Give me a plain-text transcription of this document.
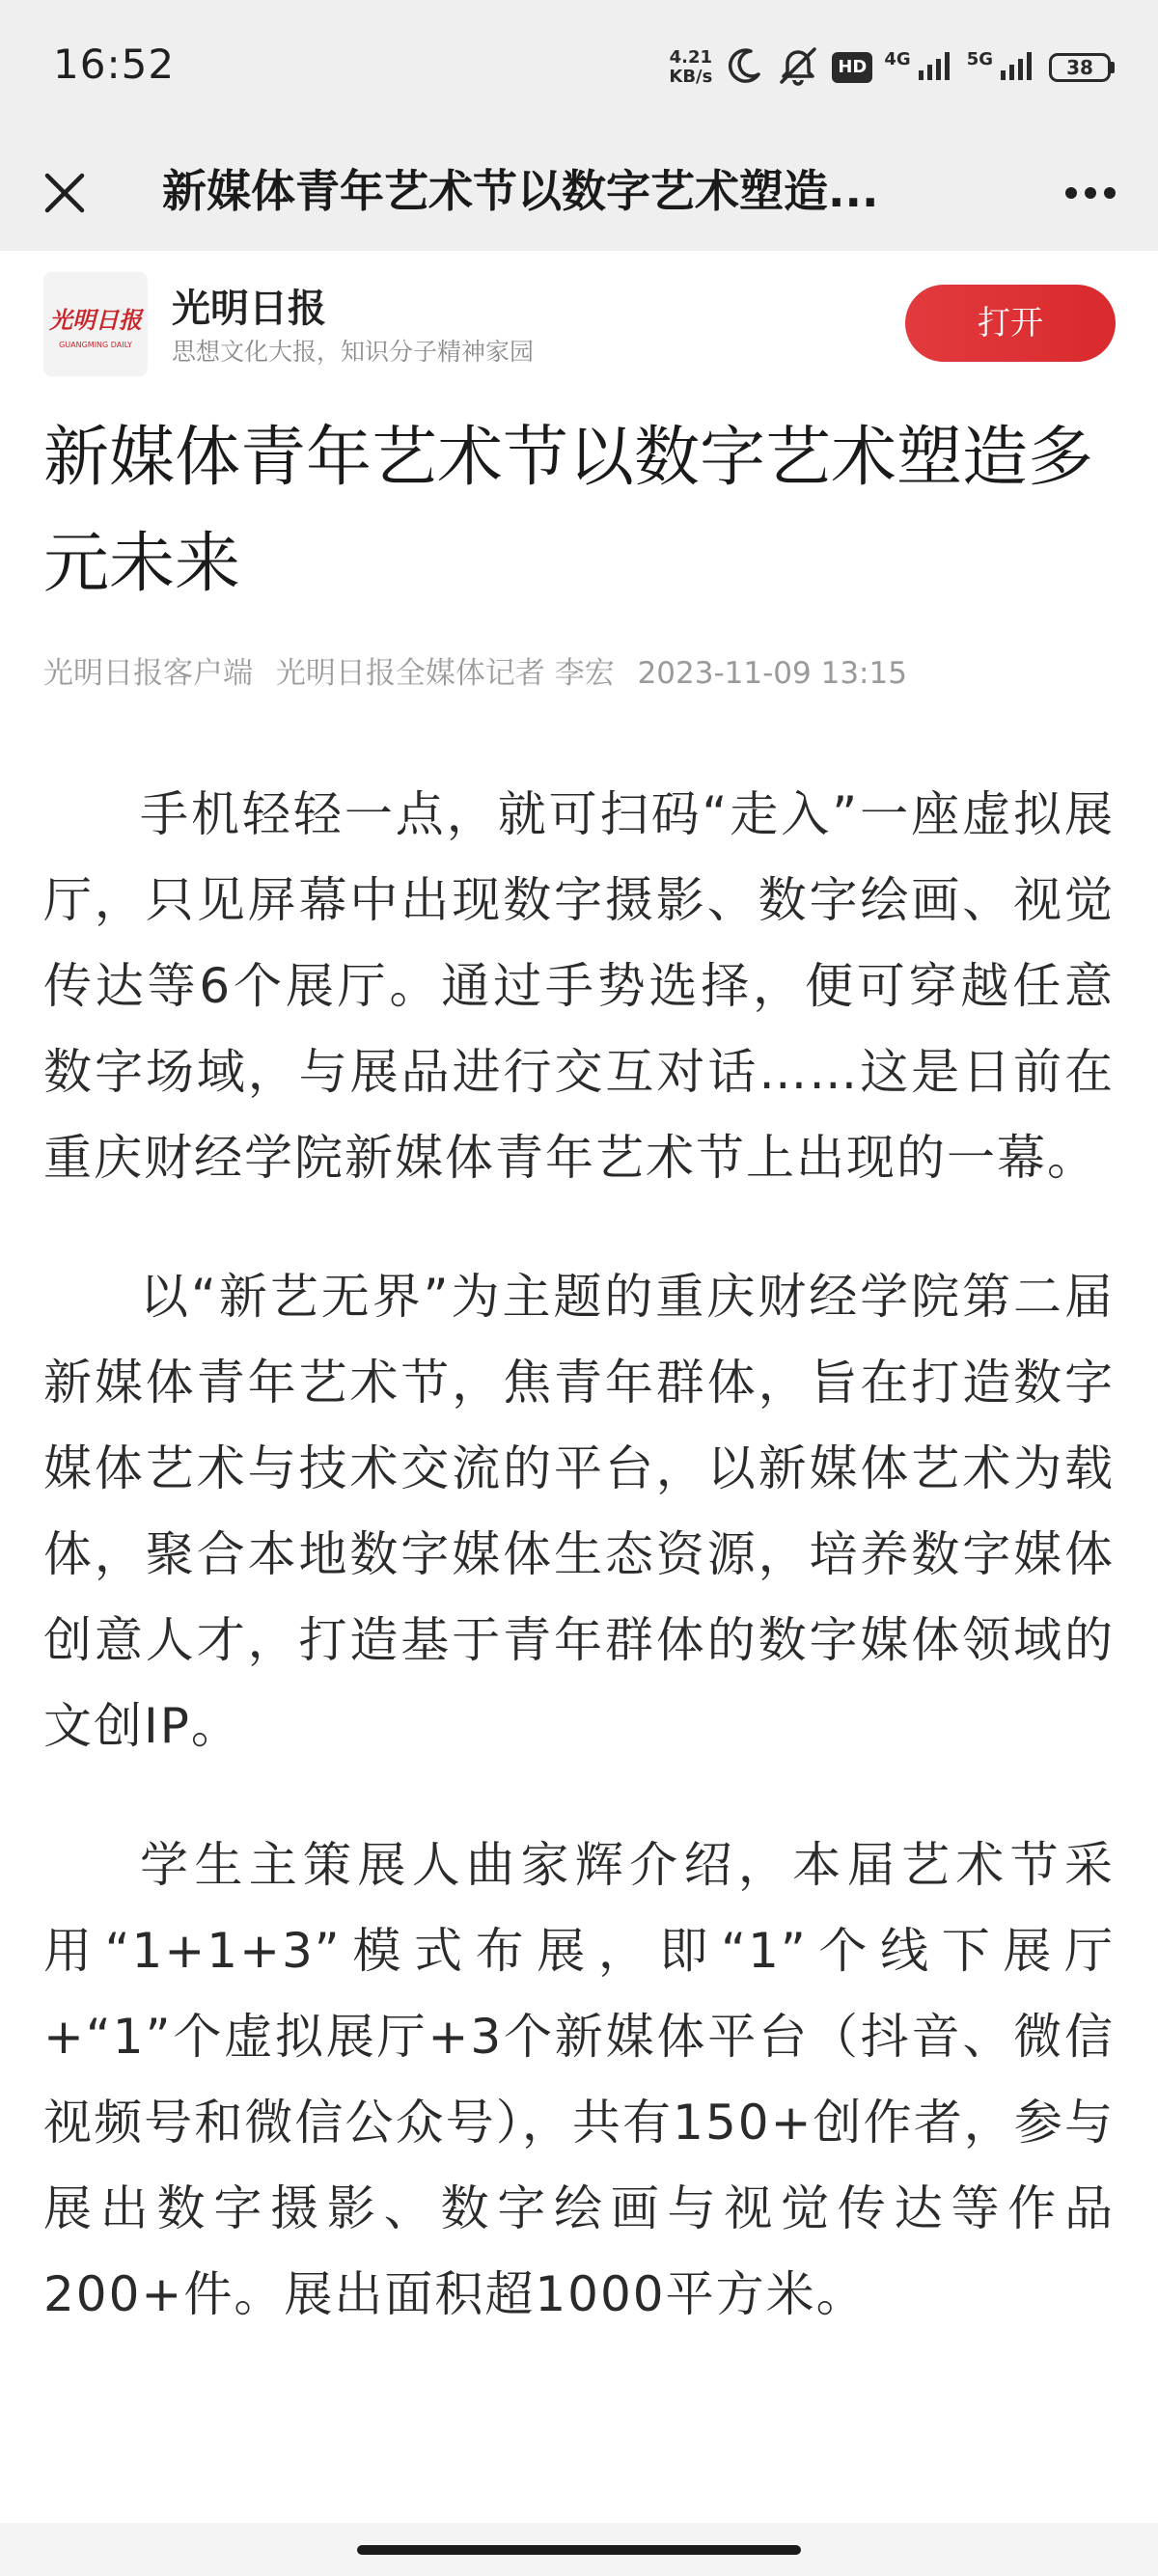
16:52	4.21
KB/s	HD	4G	5G	38
新媒体青年艺术节以数字艺术塑造...
光明日报
GUANGMING DAILY
光明日报
思想文化大报，知识分子精神家园
打开
新媒体青年艺术节以数字艺术塑造多元未来
光明日报客户端 光明日报全媒体记者 李宏 2023-11-09 13:15

手机轻轻一点，就可扫码“走入”一座虚拟展厅，只见屏幕中出现数字摄影、数字绘画、视觉传达等6个展厅。通过手势选择，便可穿越任意数字场域，与展品进行交互对话……这是日前在重庆财经学院新媒体青年艺术节上出现的一幕。

以“新艺无界”为主题的重庆财经学院第二届新媒体青年艺术节，焦青年群体，旨在打造数字媒体艺术与技术交流的平台，以新媒体艺术为载体，聚合本地数字媒体生态资源，培养数字媒体创意人才，打造基于青年群体的数字媒体领域的文创IP。

学生主策展人曲家辉介绍，本届艺术节采用“1+1+3”模式布展，即“1”个线下展厅+“1”个虚拟展厅+3个新媒体平台（抖音、微信视频号和微信公众号），共有150+创作者，参与展出数字摄影、数字绘画与视觉传达等作品200+件。展出面积超1000平方米。
